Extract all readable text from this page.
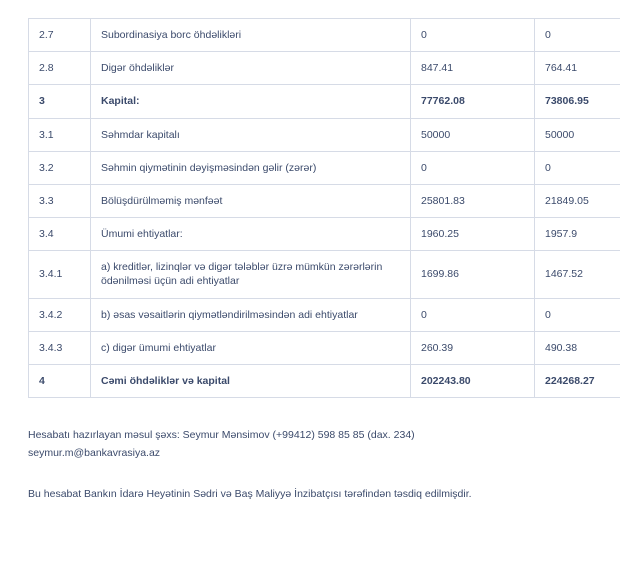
2.7	Subordinasiya borc öhdəlikləri	0	0
2.8	Digər öhdəliklər	847.41	764.41
3	Kapital:	77762.08	73806.95
3.1	Səhmdar kapitalı	50000	50000
3.2	Səhmin qiymətinin dəyişməsindən gəlir (zərər)	0	0
3.3	Bölüşdürülməmiş mənfəət	25801.83	21849.05
3.4	Ümumi ehtiyatlar:	1960.25	1957.9
3.4.1	a) kreditlər, lizinqlər və digər tələblər üzrə mümkün zərərlərin ödənilməsi üçün adi ehtiyatlar	1699.86	1467.52
3.4.2	b) əsas vəsaitlərin qiymətləndirilməsindən adi ehtiyatlar	0	0
3.4.3	c) digər ümumi ehtiyatlar	260.39	490.38
4	Cəmi öhdəliklər və kapital	202243.80	224268.27
Hesabatı hazırlayan məsul şəxs: Seymur Mənsimov (+99412) 598 85 85 (dax. 234)
seymur.m@bankavrasiya.az
Bu hesabat Bankın İdarə Heyətinin Sədri və Baş Maliyyə İnzibatçısı tərəfindən təsdiq edilmişdir.
